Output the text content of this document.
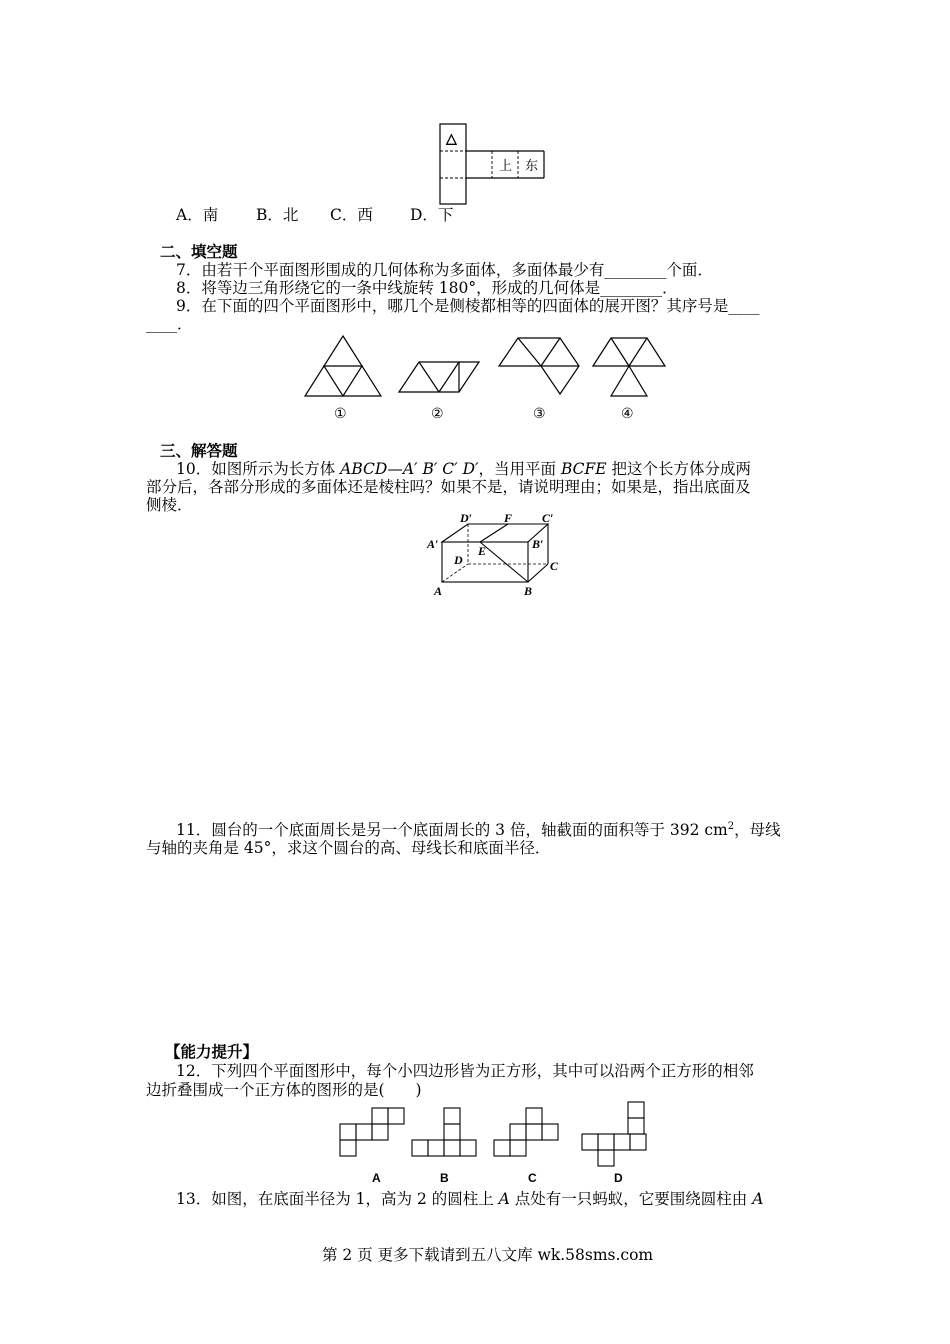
△
上 东
A．南 B．北 C．西 D．下
二、填空题
7．由若干个平面图形围成的几何体称为多面体，多面体最少有________个面．
8．将等边三角形绕它的一条中线旋转 180°，形成的几何体是________．
9．在下面的四个平面图形中，哪几个是侧棱都相等的四面体的展开图？其序号是____
____．
①	②	③	④
三、解答题
10．如图所示为长方体 ABCD—A′ B′ C′ D′，当用平面 BCFE 把这个长方体分成两
部分后，各部分形成的多面体还是棱柱吗？如果不是，请说明理由；如果是，指出底面及
侧棱．
D′	F C′
A′	E	B′
D	C
A	B
11．圆台的一个底面周长是另一个底面周长的 3 倍，轴截面的面积等于 392 $cm^2$，母线
与轴的夹角是 45°，求这个圆台的高、母线长和底面半径．
【能力提升】
12．下列四个平面图形中，每个小四边形皆为正方形，其中可以沿两个正方形的相邻
边折叠围成一个正方体的图形的是(　　)
A	B	C	D
13．如图，在底面半径为 1，高为 2 的圆柱上 A 点处有一只蚂蚁，它要围绕圆柱由 A
第 2 页 更多下载请到五八文库 wk.58sms.com
